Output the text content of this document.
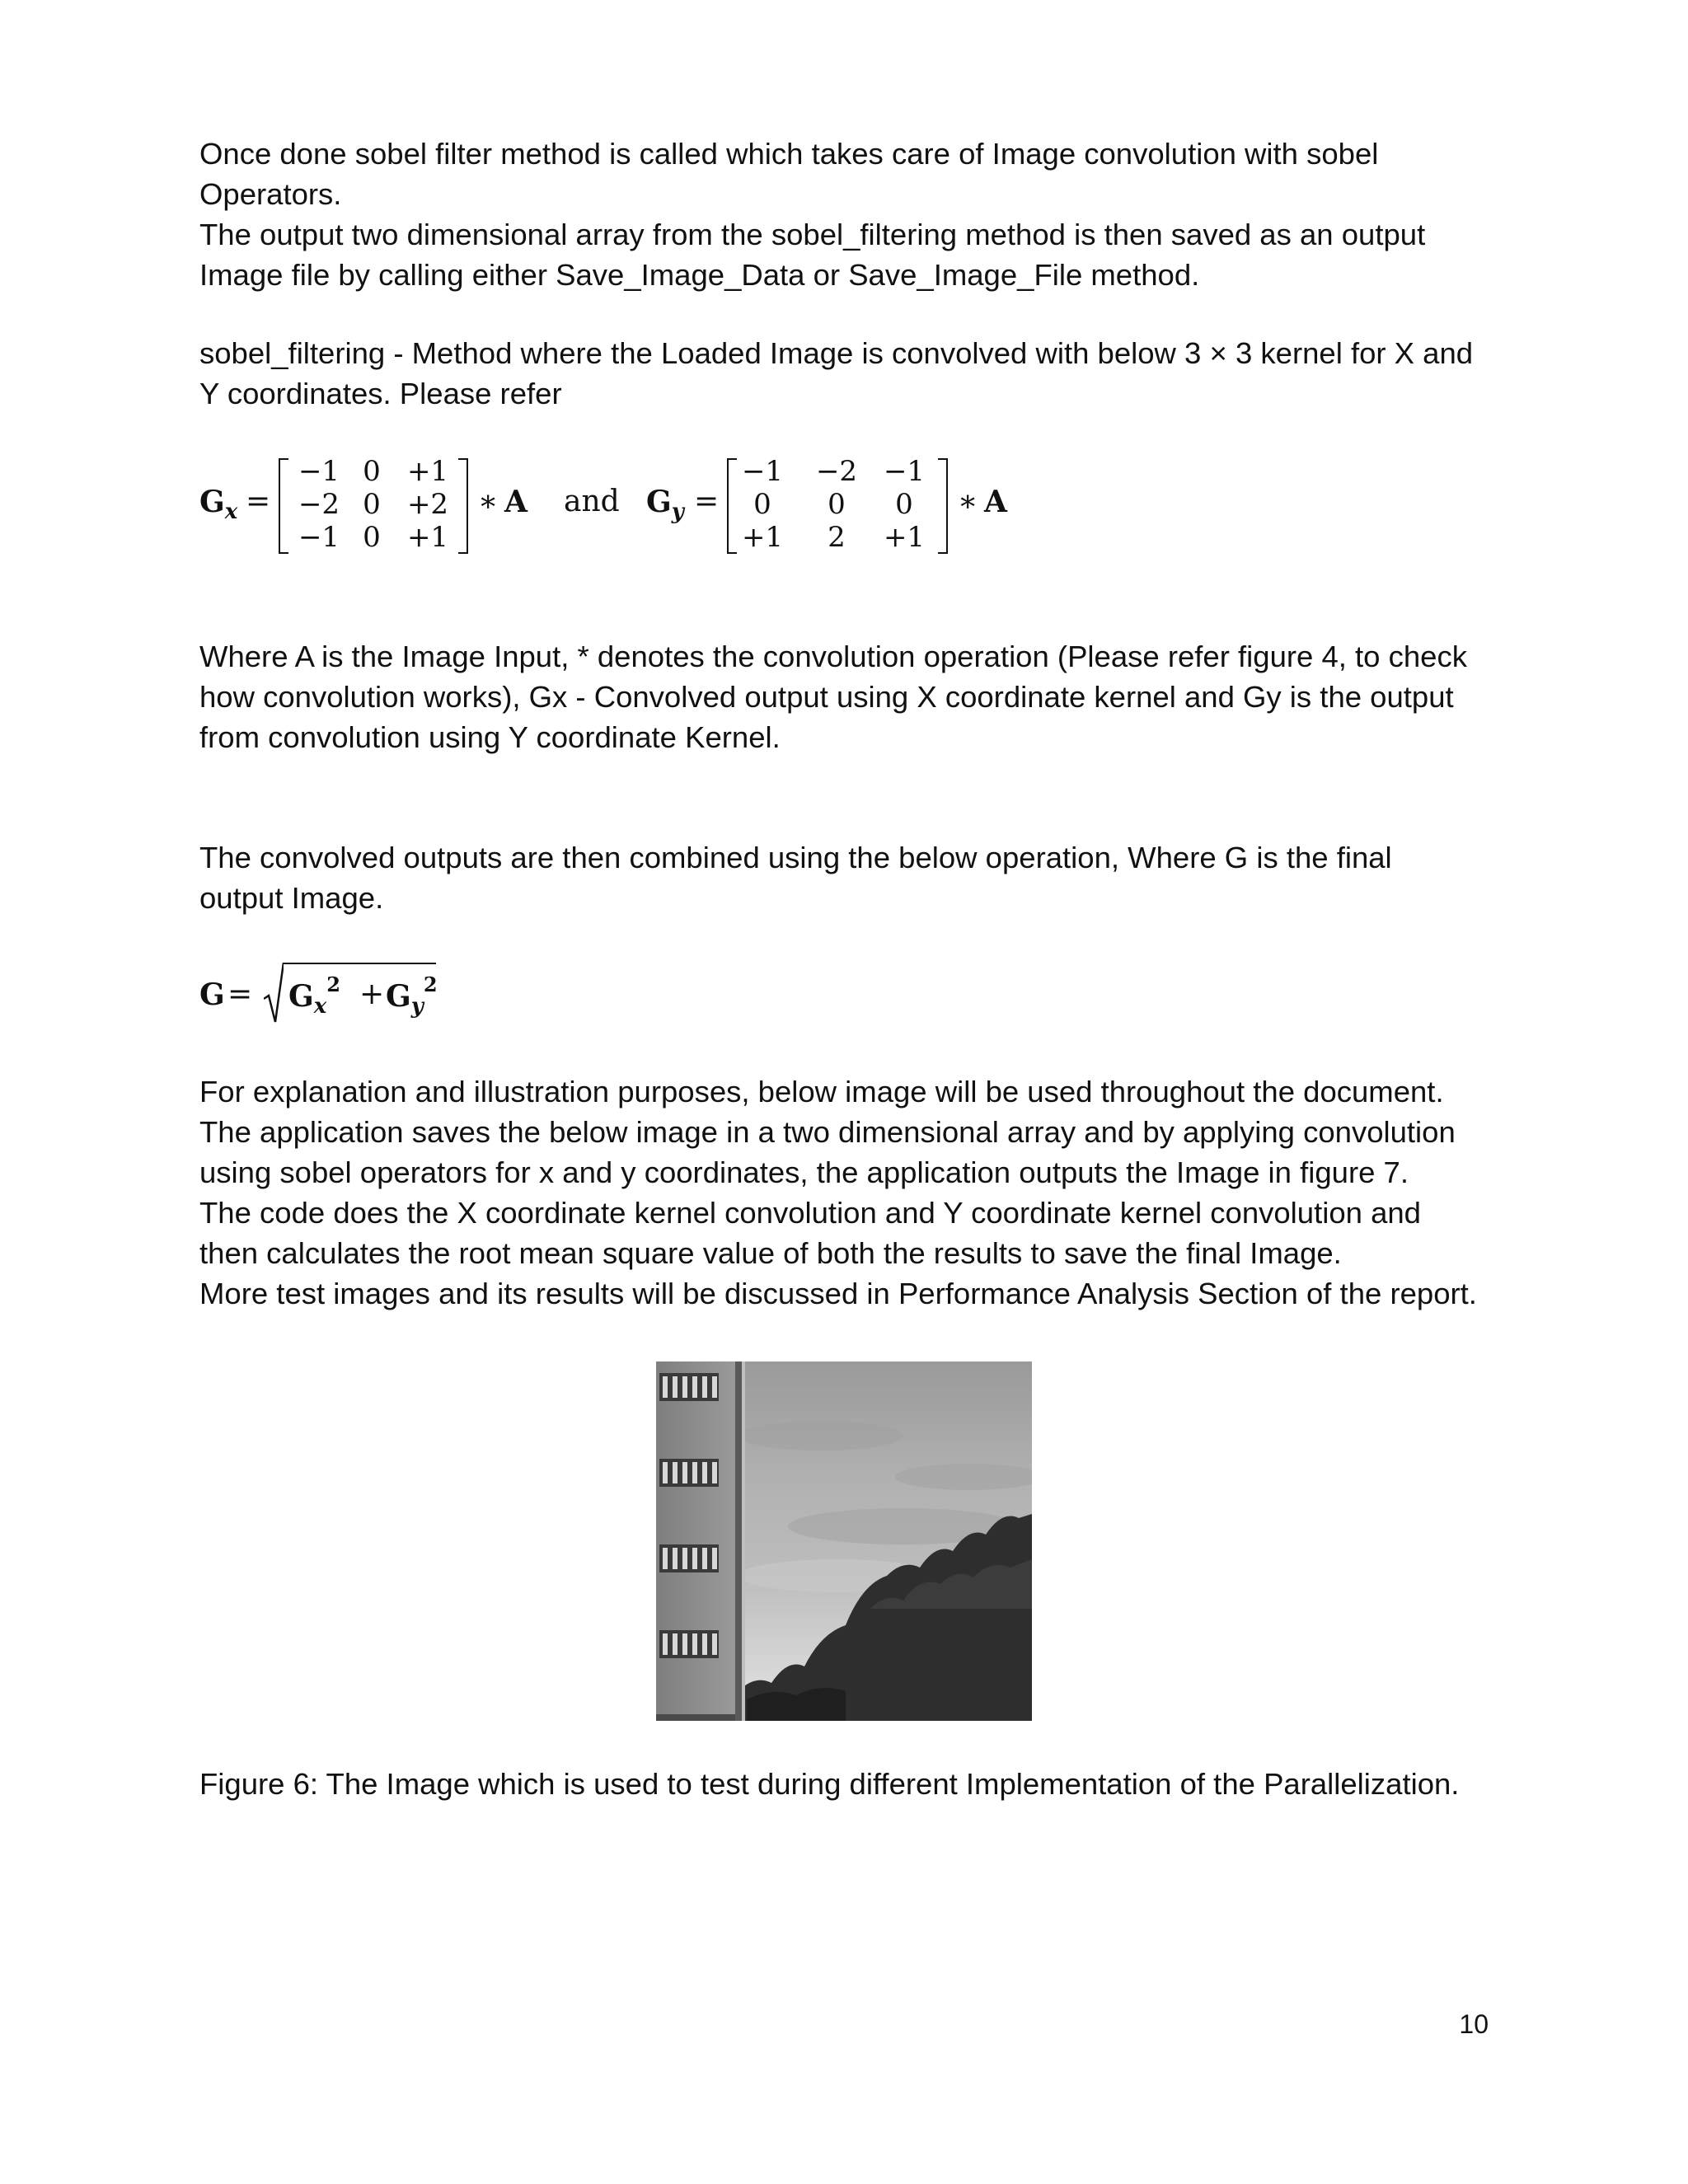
Once done sobel filter method is called which takes care of Image convolution with sobel

Operators.

The output two dimensional array from the sobel_filtering method is then saved as an output

Image file by calling either Save_Image_Data or Save_Image_File method.

sobel_filtering - Method where the Loaded Image is convolved with below 3 × 3 kernel for X and

Y coordinates. Please refer

$G_x$ =
−1 0 +1
−2 0 +2
−1 0 +1
∗ A and $G_y$ =
−1 −2 −1
0	0	0
+1	2	+1
∗ A

Where A is the Image Input, * denotes the convolution operation (Please refer figure 4, to check

how convolution works), Gx - Convolved output using X coordinate kernel and Gy is the output

from convolution using Y coordinate Kernel.

The convolved outputs are then combined using the below operation, Where G is the final

output Image.

$G = G_x^2 + G_y^2$

For explanation and illustration purposes, below image will be used throughout the document.

The application saves the below image in a two dimensional array and by applying convolution

using sobel operators for x and y coordinates, the application outputs the Image in figure 7.

The code does the X coordinate kernel convolution and Y coordinate kernel convolution and

then calculates the root mean square value of both the results to save the final Image.

More test images and its results will be discussed in Performance Analysis Section of the report.

Figure 6: The Image which is used to test during different Implementation of the Parallelization.
10
